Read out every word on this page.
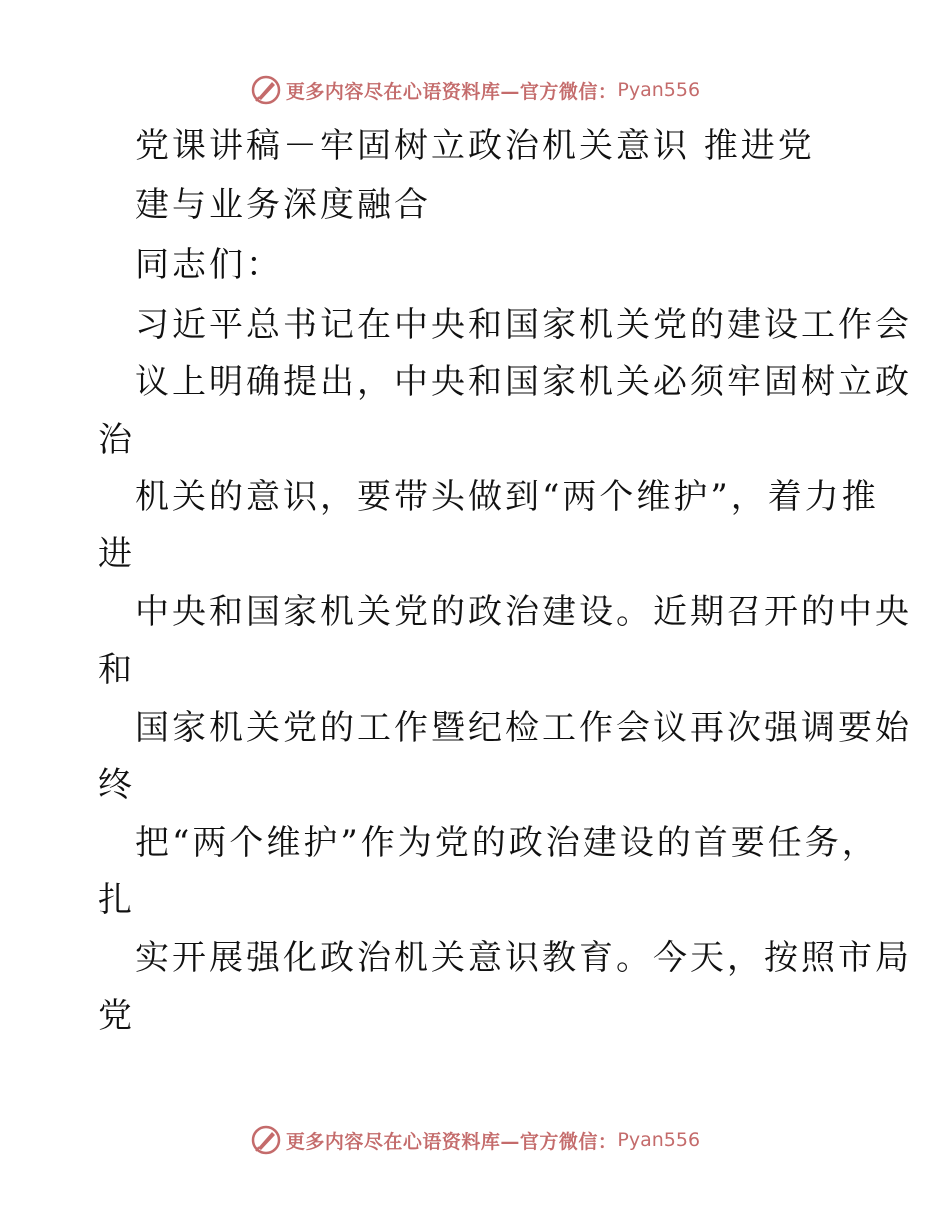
更多内容尽在心语资料库—官方微信： Pyan556
党课讲稿－牢固树立政治机关意识 推进党
建与业务深度融合
同志们：
习近平总书记在中央和国家机关党的建设工作会
议上明确提出，中央和国家机关必须牢固树立政
治
机关的意识，要带头做到“两个维护”，着力推
进
中央和国家机关党的政治建设。近期召开的中央
和
国家机关党的工作暨纪检工作会议再次强调要始
终
把“两个维护”作为党的政治建设的首要任务，
扎
实开展强化政治机关意识教育。今天，按照市局
党
更多内容尽在心语资料库—官方微信： Pyan556
